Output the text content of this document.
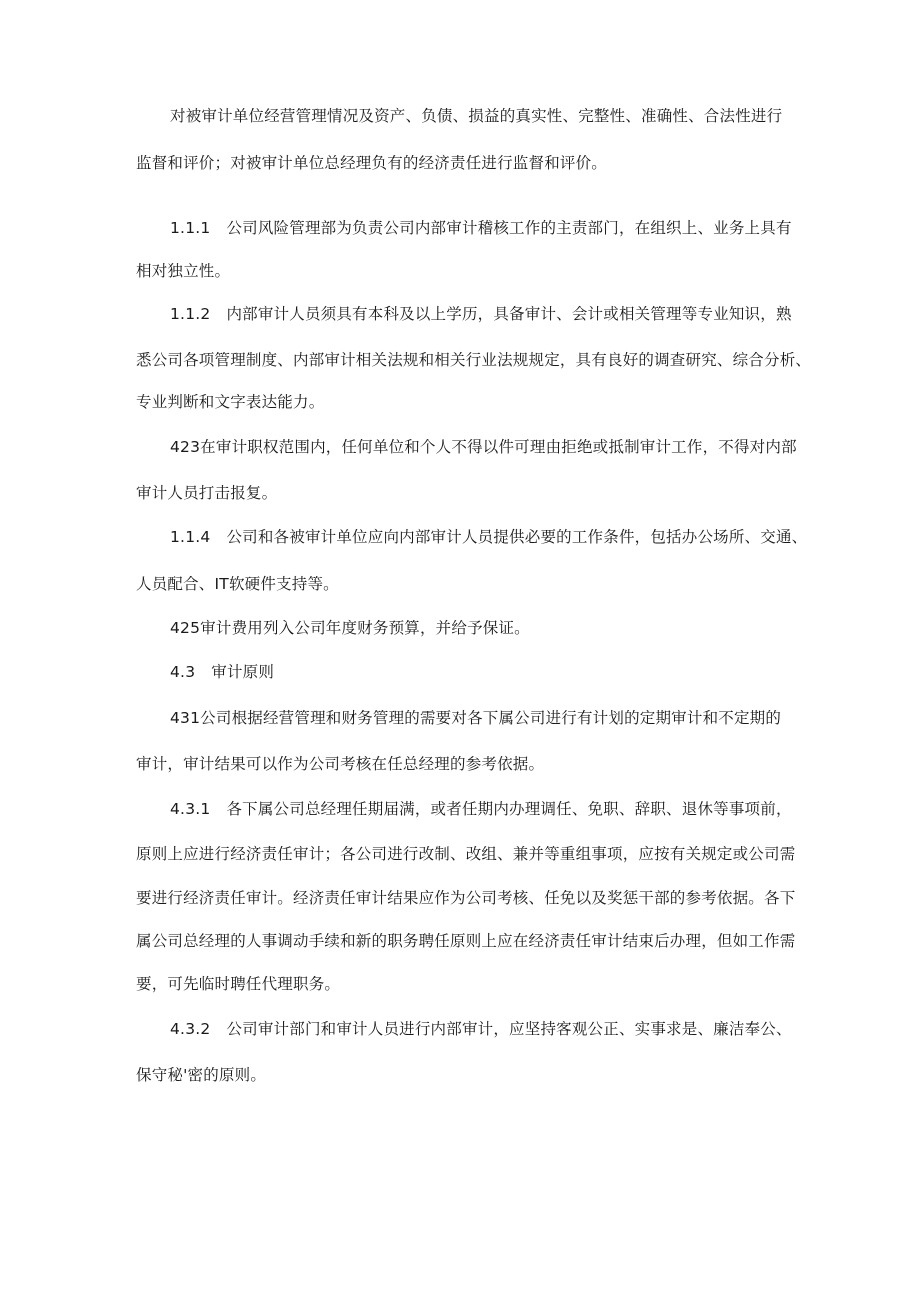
对被审计单位经营管理情况及资产、负债、损益的真实性、完整性、准确性、合法性进行
监督和评价；对被审计单位总经理负有的经济责任进行监督和评价。
1.1.1 公司风险管理部为负责公司内部审计稽核工作的主责部门，在组织上、业务上具有
相对独立性。
1.1.2 内部审计人员须具有本科及以上学历，具备审计、会计或相关管理等专业知识，熟
悉公司各项管理制度、内部审计相关法规和相关行业法规规定，具有良好的调查研究、综合分析、
专业判断和文字表达能力。
423在审计职权范围内，任何单位和个人不得以件可理由拒绝或抵制审计工作，不得对内部
审计人员打击报复。
1.1.4 公司和各被审计单位应向内部审计人员提供必要的工作条件，包括办公场所、交通、
人员配合、IT软硬件支持等。
425审计费用列入公司年度财务预算，并给予保证。
4.3 审计原则
431公司根据经营管理和财务管理的需要对各下属公司进行有计划的定期审计和不定期的
审计，审计结果可以作为公司考核在任总经理的参考依据。
4.3.1 各下属公司总经理任期届满，或者任期内办理调任、免职、辞职、退休等事项前，
原则上应进行经济责任审计；各公司进行改制、改组、兼并等重组事项，应按有关规定或公司需
要进行经济责任审计。经济责任审计结果应作为公司考核、任免以及奖惩干部的参考依据。各下
属公司总经理的人事调动手续和新的职务聘任原则上应在经济责任审计结束后办理，但如工作需
要，可先临时聘任代理职务。
4.3.2 公司审计部门和审计人员进行内部审计，应坚持客观公正、实事求是、廉洁奉公、
保守秘'密的原则。
